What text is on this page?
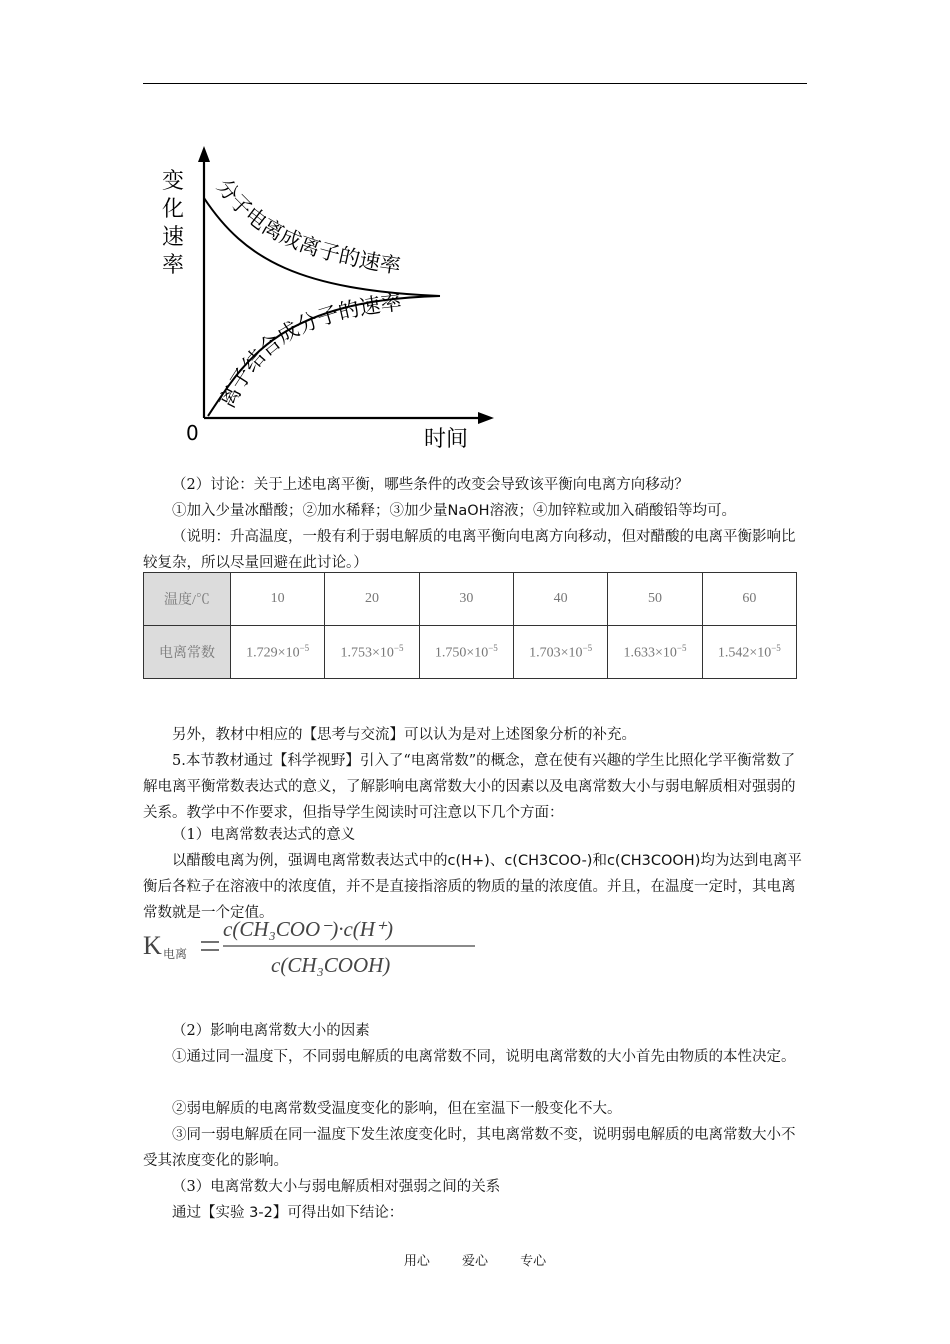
变化速率
0	时间
分子电离成离子的速率
离子结合成分子的速率

（2）讨论：关于上述电离平衡，哪些条件的改变会导致该平衡向电离方向移动？

①加入少量冰醋酸；②加水稀释；③加少量NaOH溶液；④加锌粒或加入硝酸铅等均可。

（说明：升高温度，一般有利于弱电解质的电离平衡向电离方向移动，但对醋酸的电离平衡影响比较复杂，所以尽量回避在此讨论。）

温度/℃	10	20	30	40	50	60
电离常数	$1.729\times 10^{-5}$	$1.753\times 10^{-5}$	$1.750\times 10^{-5}$	$1.703\times 10^{-5}$	$1.633\times 10^{-5}$	$1.542\times 10^{-5}$

另外，教材中相应的【思考与交流】可以认为是对上述图象分析的补充。

5.本节教材通过【科学视野】引入了“电离常数”的概念，意在使有兴趣的学生比照化学平衡常数了解电离平衡常数表达式的意义，了解影响电离常数大小的因素以及电离常数大小与弱电解质相对强弱的关系。教学中不作要求，但指导学生阅读时可注意以下几个方面：

（1）电离常数表达式的意义

以醋酸电离为例，强调电离常数表达式中的c(H+)、c(CH3COO-)和c(CH3COOH)均为达到电离平衡后各粒子在溶液中的浓度值，并不是直接指溶质的物质的量的浓度值。并且，在温度一定时，其电离常数就是一个定值。

K 电离
c(CH₃COO⁻)·c(H⁺)
c(CH₃COOH)

（2）影响电离常数大小的因素

①通过同一温度下，不同弱电解质的电离常数不同，说明电离常数的大小首先由物质的本性决定。

②弱电解质的电离常数受温度变化的影响，但在室温下一般变化不大。

③同一弱电解质在同一温度下发生浓度变化时，其电离常数不变，说明弱电解质的电离常数大小不受其浓度变化的影响。

（3）电离常数大小与弱电解质相对强弱之间的关系

通过【实验 3-2】可得出如下结论：

用心 爱心 专心
